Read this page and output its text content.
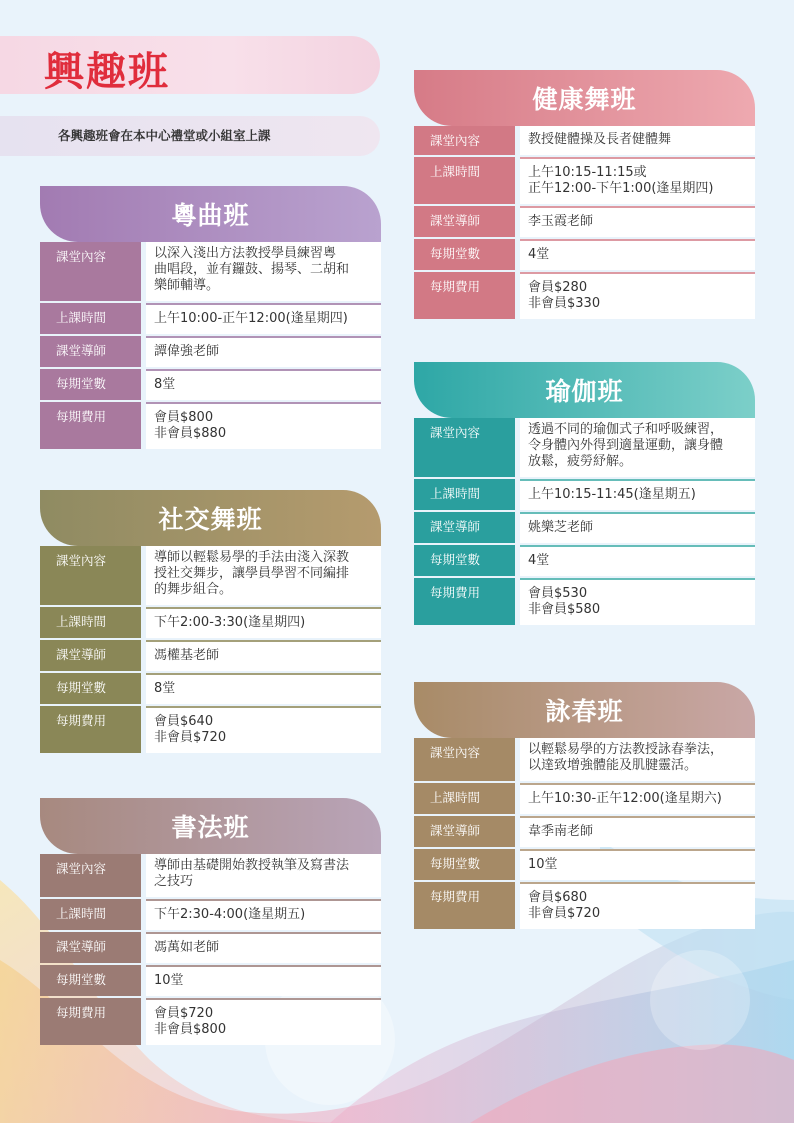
興趣班
各興趣班會在本中心禮堂或小組室上課
粵曲班
課堂內容	以深入淺出方法教授學員練習粵
曲唱段，並有鑼鼓、揚琴、二胡和
樂師輔導。
上課時間	上午10:00-正午12:00(逢星期四)
課堂導師	譚偉強老師
每期堂數	8堂
每期費用	會員$800
非會員$880
社交舞班
課堂內容	導師以輕鬆易學的手法由淺入深教
授社交舞步，讓學員學習不同編排
的舞步組合。
上課時間	下午2:00-3:30(逢星期四)
課堂導師	馮權基老師
每期堂數	8堂
每期費用	會員$640
非會員$720
書法班
課堂內容	導師由基礎開始教授執筆及寫書法
之技巧
上課時間	下午2:30-4:00(逢星期五)
課堂導師	馮萬如老師
每期堂數	10堂
每期費用	會員$720
非會員$800
健康舞班
課堂內容	教授健體操及長者健體舞
上課時間	上午10:15-11:15或
正午12:00-下午1:00(逢星期四)
課堂導師	李玉霞老師
每期堂數	4堂
每期費用	會員$280
非會員$330
瑜伽班
課堂內容	透過不同的瑜伽式子和呼吸練習，
令身體內外得到適量運動，讓身體
放鬆，疲勞紓解。
上課時間	上午10:15-11:45(逢星期五)
課堂導師	姚樂芝老師
每期堂數	4堂
每期費用	會員$530
非會員$580
詠春班
課堂內容	以輕鬆易學的方法教授詠春拳法，
以達致增強體能及肌腱靈活。
上課時間	上午10:30-正午12:00(逢星期六)
課堂導師	韋季南老師
每期堂數	10堂
每期費用	會員$680
非會員$720
